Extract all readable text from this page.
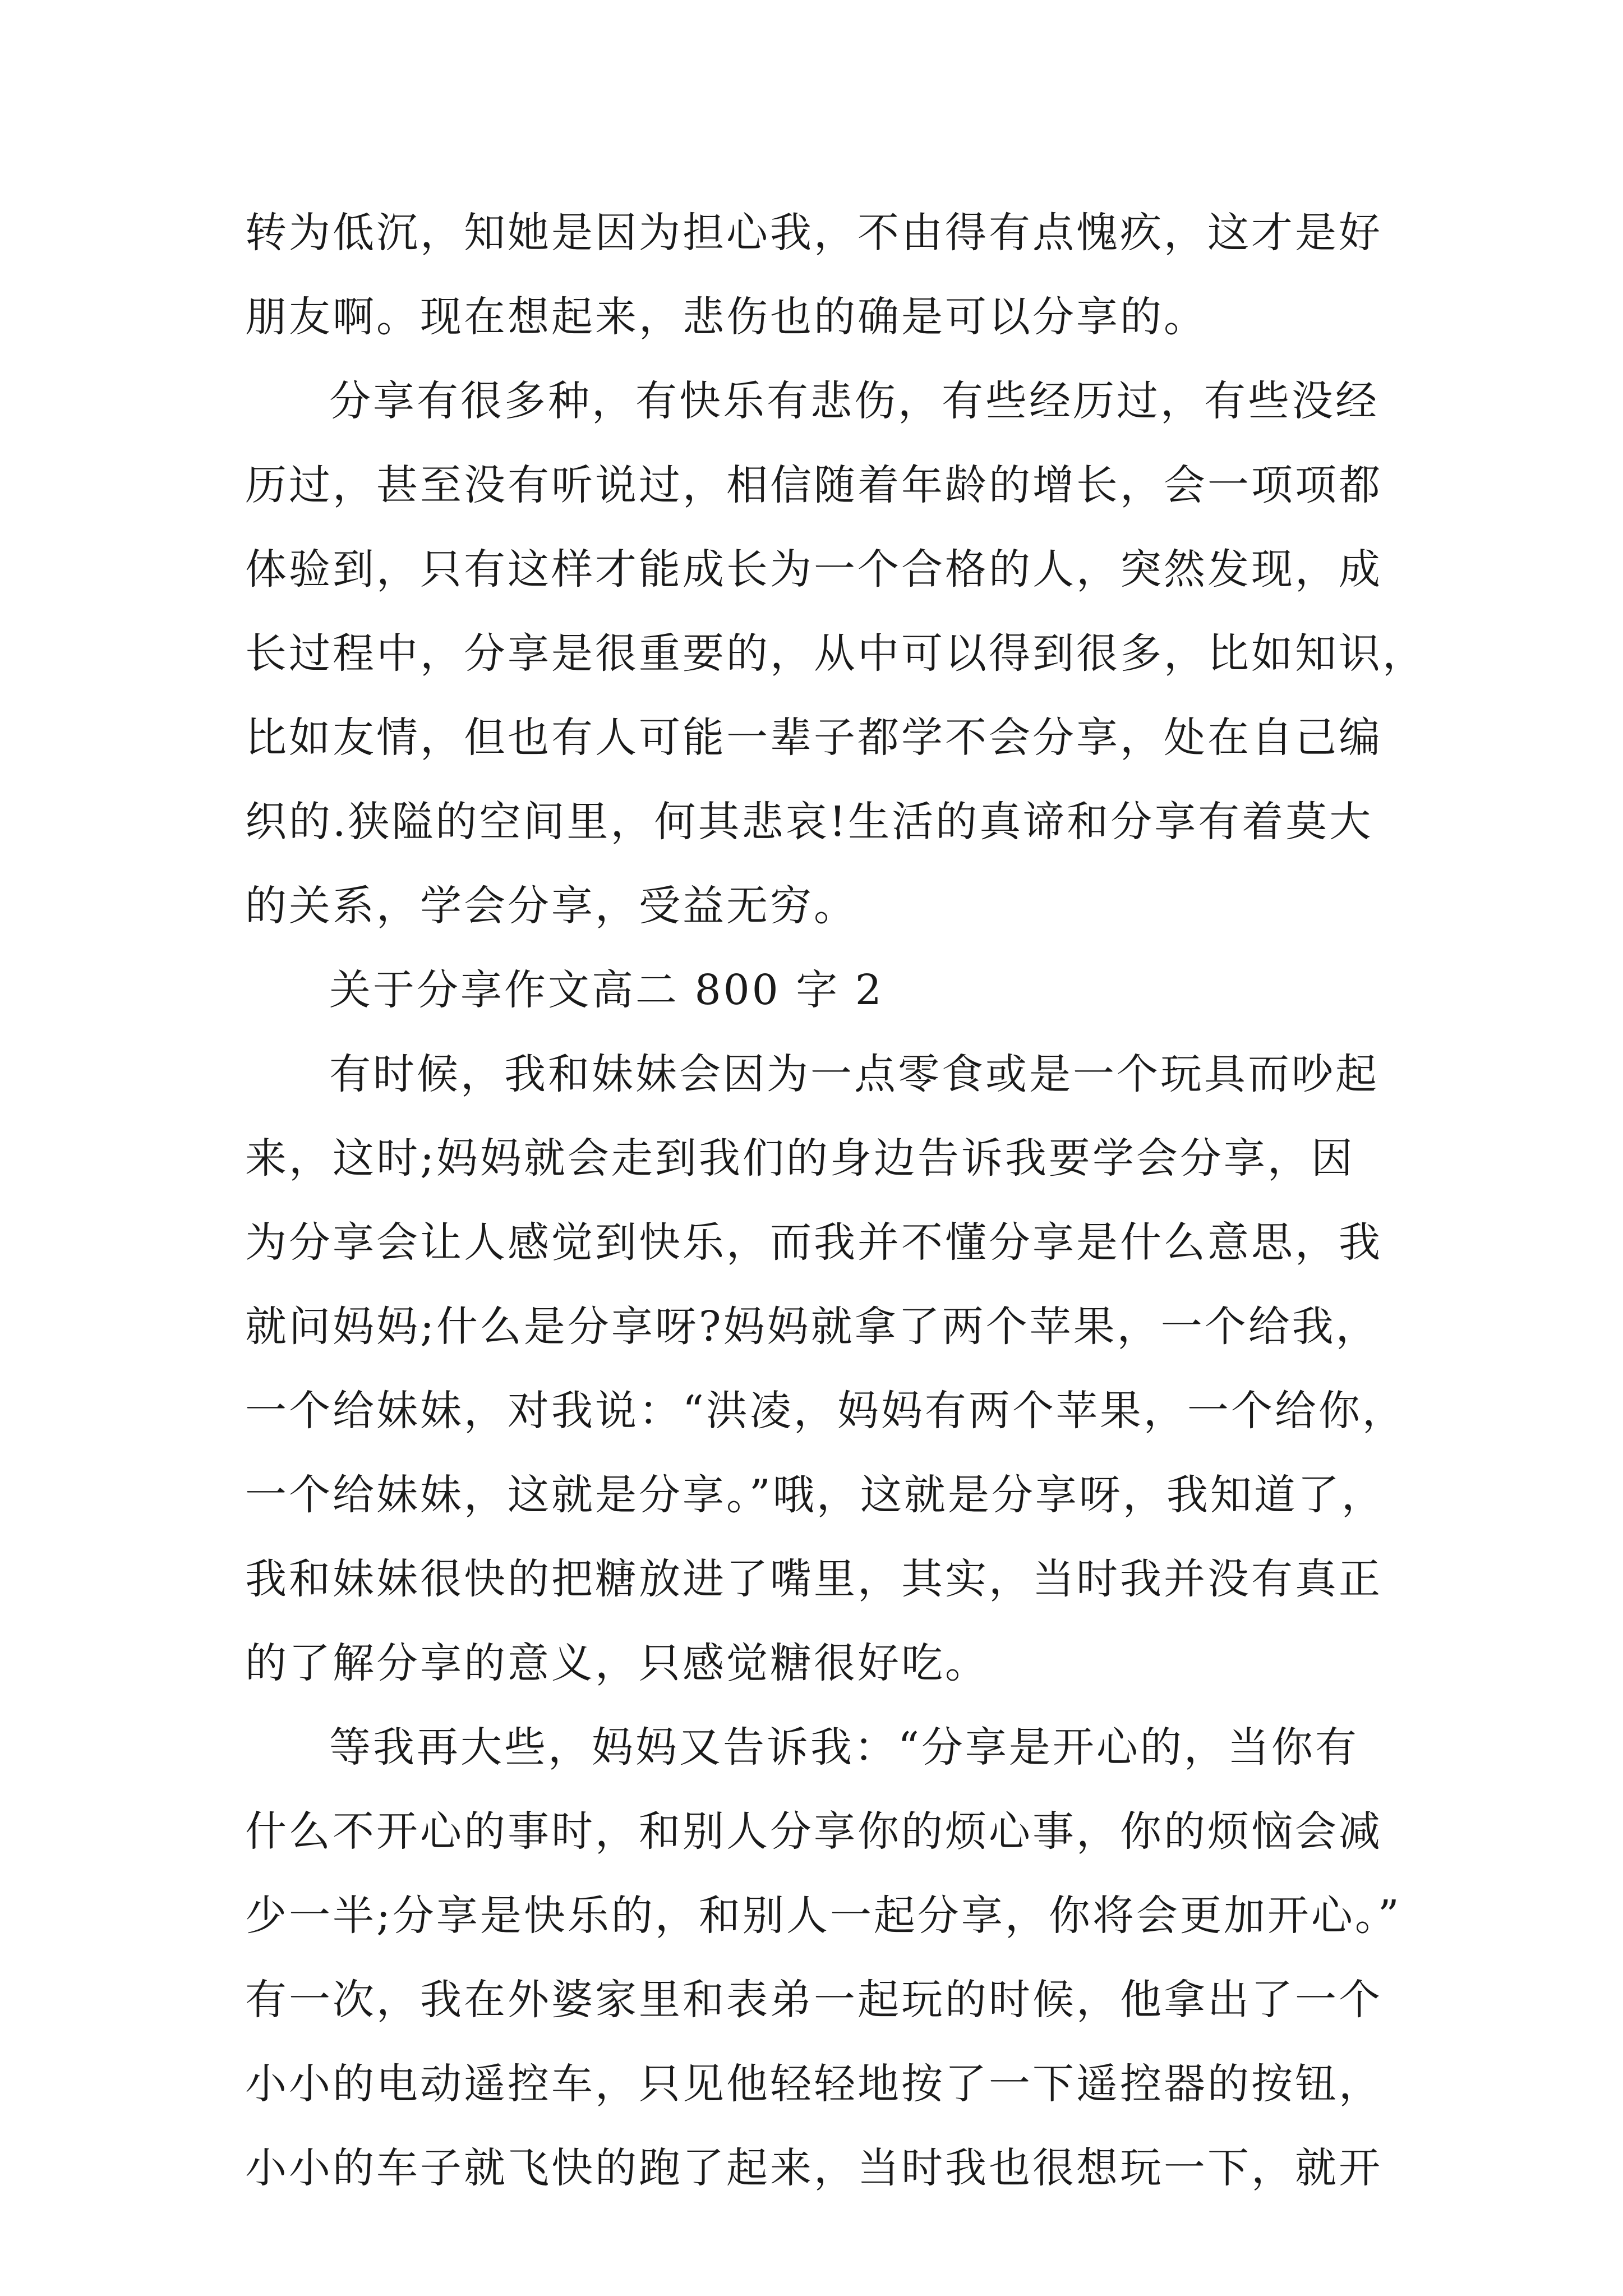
转为低沉，知她是因为担心我，不由得有点愧疚，这才是好
朋友啊。现在想起来，悲伤也的确是可以分享的。
分享有很多种，有快乐有悲伤，有些经历过，有些没经
历过，甚至没有听说过，相信随着年龄的增长，会一项项都
体验到，只有这样才能成长为一个合格的人，突然发现，成
长过程中，分享是很重要的，从中可以得到很多，比如知识，
比如友情，但也有人可能一辈子都学不会分享，处在自己编
织的.狭隘的空间里，何其悲哀!生活的真谛和分享有着莫大
的关系，学会分享，受益无穷。
关于分享作文高二 800 字 2
有时候，我和妹妹会因为一点零食或是一个玩具而吵起
来，这时;妈妈就会走到我们的身边告诉我要学会分享，因
为分享会让人感觉到快乐，而我并不懂分享是什么意思，我
就问妈妈;什么是分享呀?妈妈就拿了两个苹果，一个给我，
一个给妹妹，对我说：“洪凌，妈妈有两个苹果，一个给你，
一个给妹妹，这就是分享。”哦，这就是分享呀，我知道了，
我和妹妹很快的把糖放进了嘴里，其实，当时我并没有真正
的了解分享的意义，只感觉糖很好吃。
等我再大些，妈妈又告诉我：“分享是开心的，当你有
什么不开心的事时，和别人分享你的烦心事，你的烦恼会减
少一半;分享是快乐的，和别人一起分享，你将会更加开心。”
有一次，我在外婆家里和表弟一起玩的时候，他拿出了一个
小小的电动遥控车，只见他轻轻地按了一下遥控器的按钮，
小小的车子就飞快的跑了起来，当时我也很想玩一下，就开
